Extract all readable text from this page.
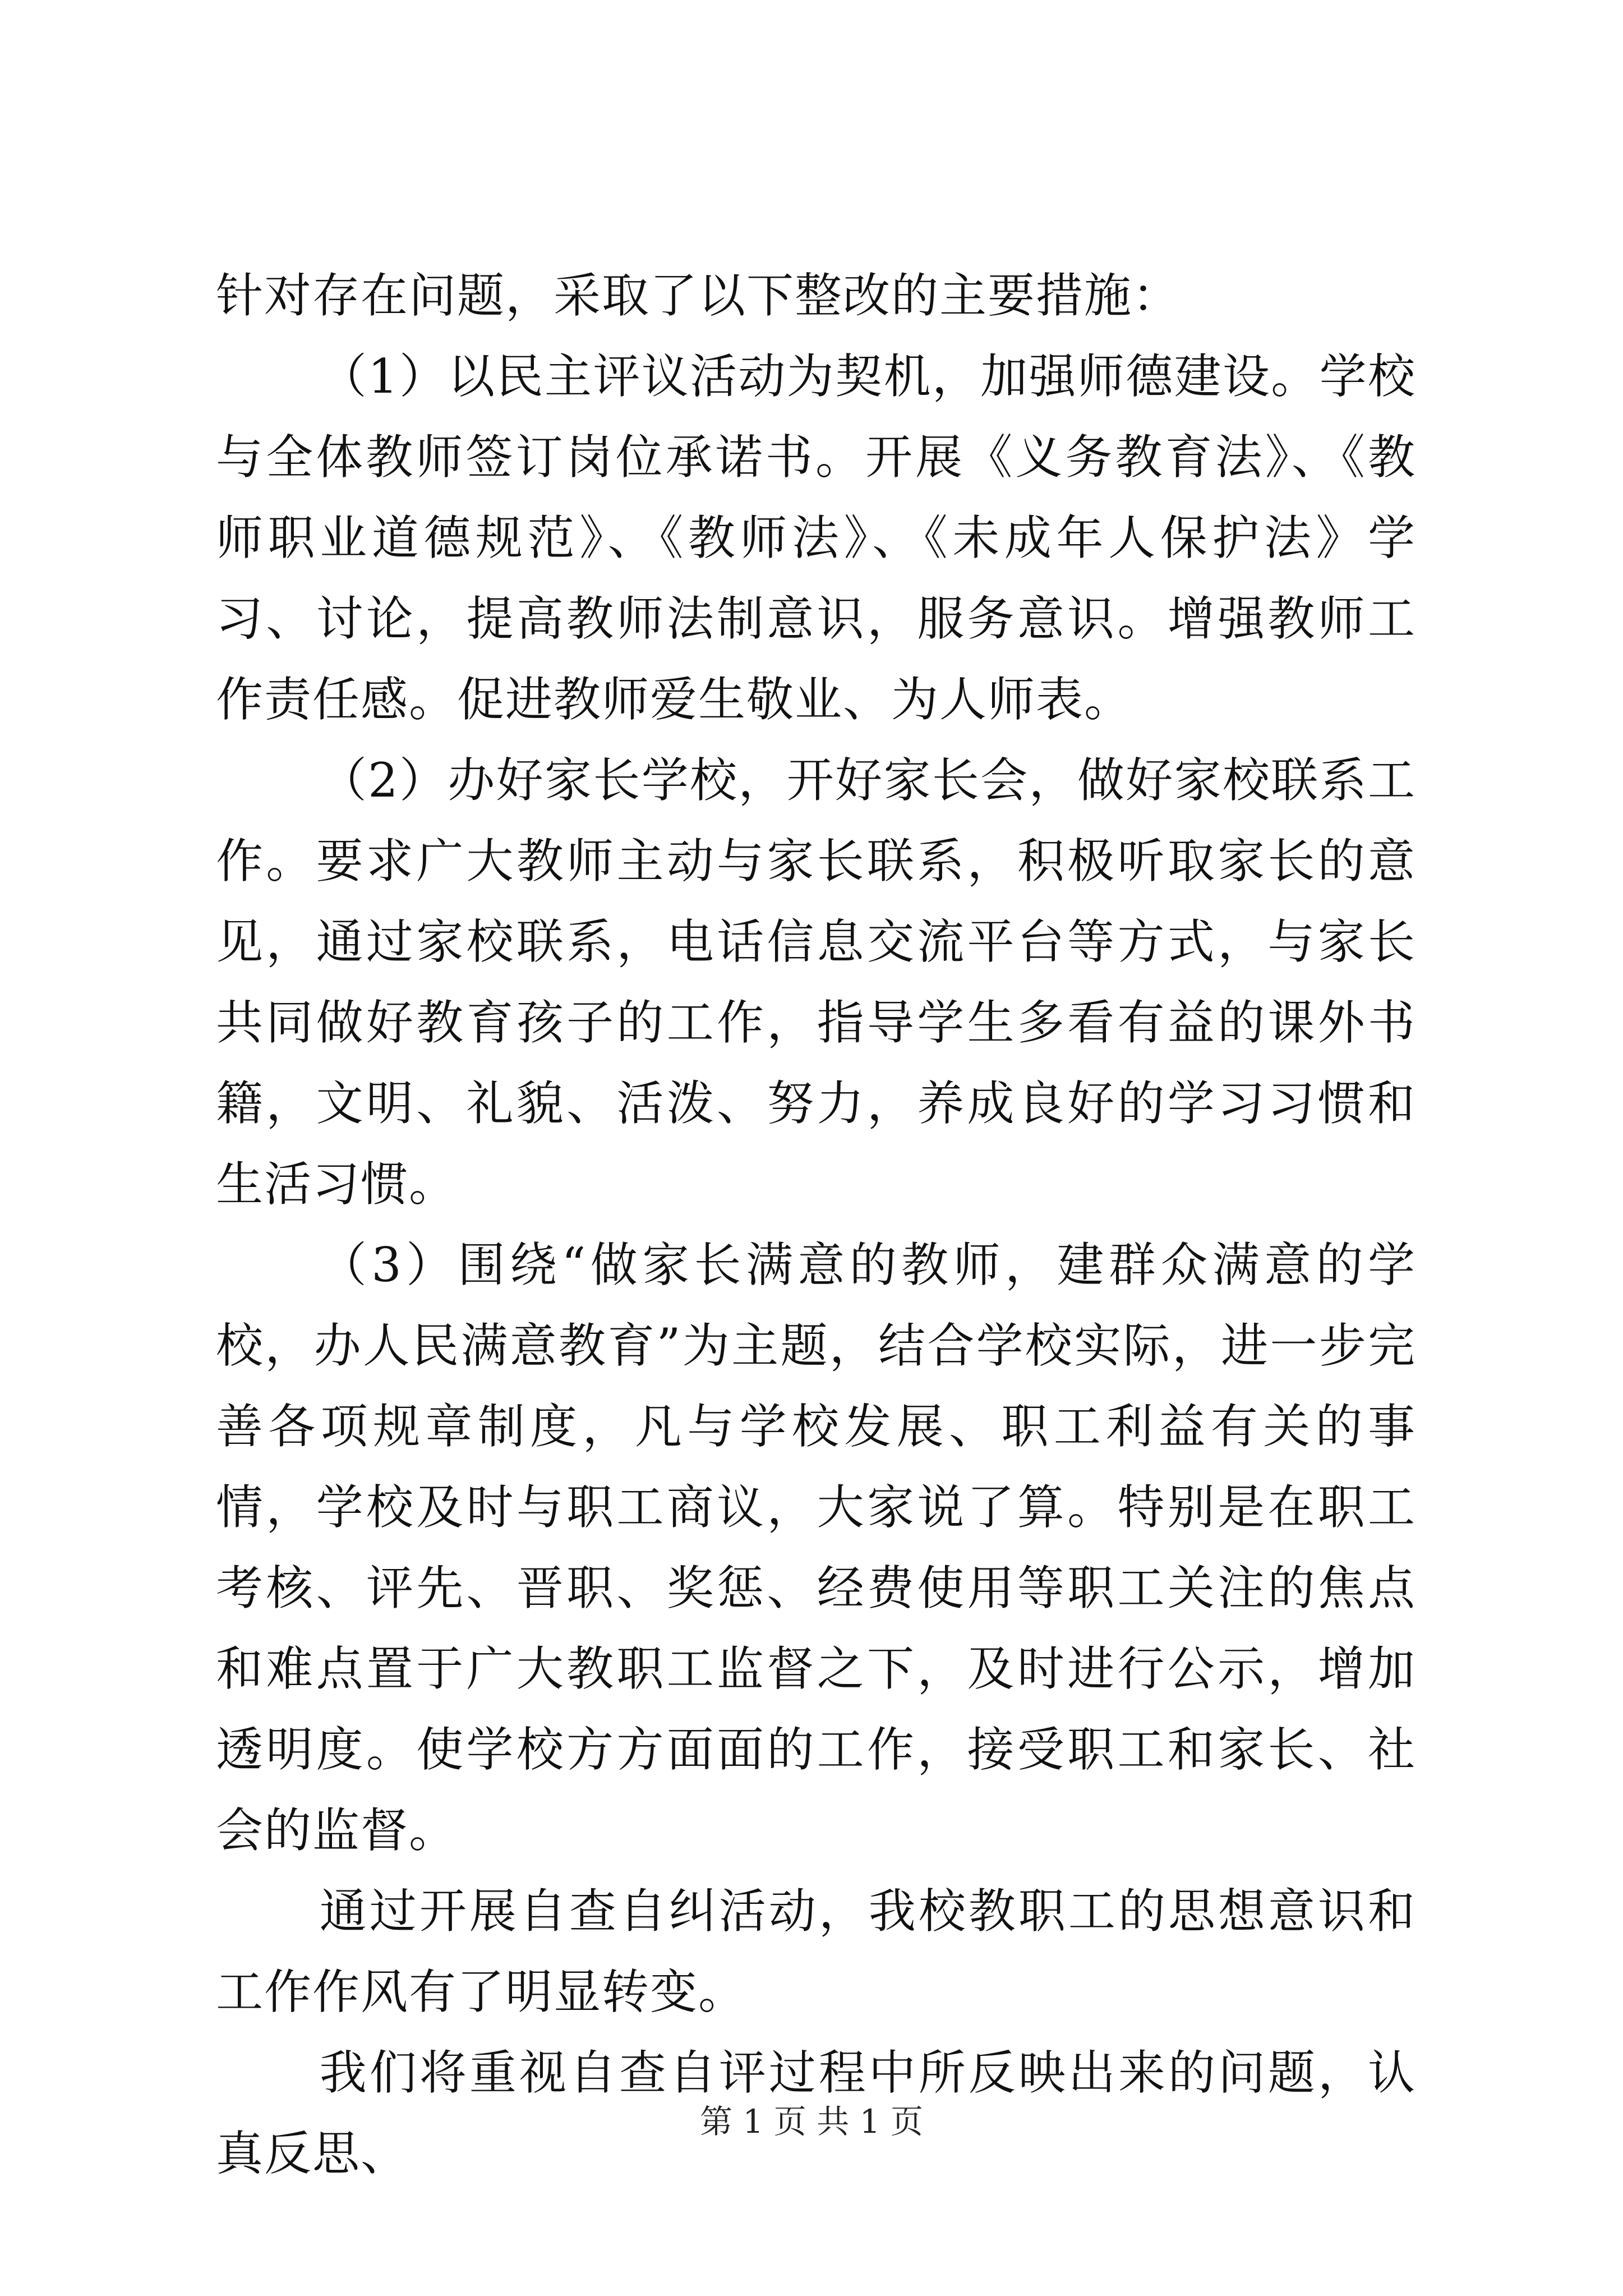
针对存在问题，采取了以下整改的主要措施：

（1）以民主评议活动为契机，加强师德建设。学校与全体教师签订岗位承诺书。开展《义务教育法》、《教师职业道德规范》、《教师法》、《未成年人保护法》学习、讨论，提高教师法制意识，服务意识。增强教师工作责任感。促进教师爱生敬业、为人师表。

（2）办好家长学校，开好家长会，做好家校联系工作。要求广大教师主动与家长联系，积极听取家长的意见，通过家校联系，电话信息交流平台等方式，与家长共同做好教育孩子的工作，指导学生多看有益的课外书籍，文明、礼貌、活泼、努力，养成良好的学习习惯和生活习惯。

（3）围绕“做家长满意的教师，建群众满意的学校，办人民满意教育”为主题，结合学校实际，进一步完善各项规章制度，凡与学校发展、职工利益有关的事情，学校及时与职工商议，大家说了算。特别是在职工考核、评先、晋职、奖惩、经费使用等职工关注的焦点和难点置于广大教职工监督之下，及时进行公示，增加透明度。使学校方方面面的工作，接受职工和家长、社会的监督。

通过开展自查自纠活动，我校教职工的思想意识和工作作风有了明显转变。

我们将重视自查自评过程中所反映出来的问题，认真反思、

第 1 页 共 1 页
